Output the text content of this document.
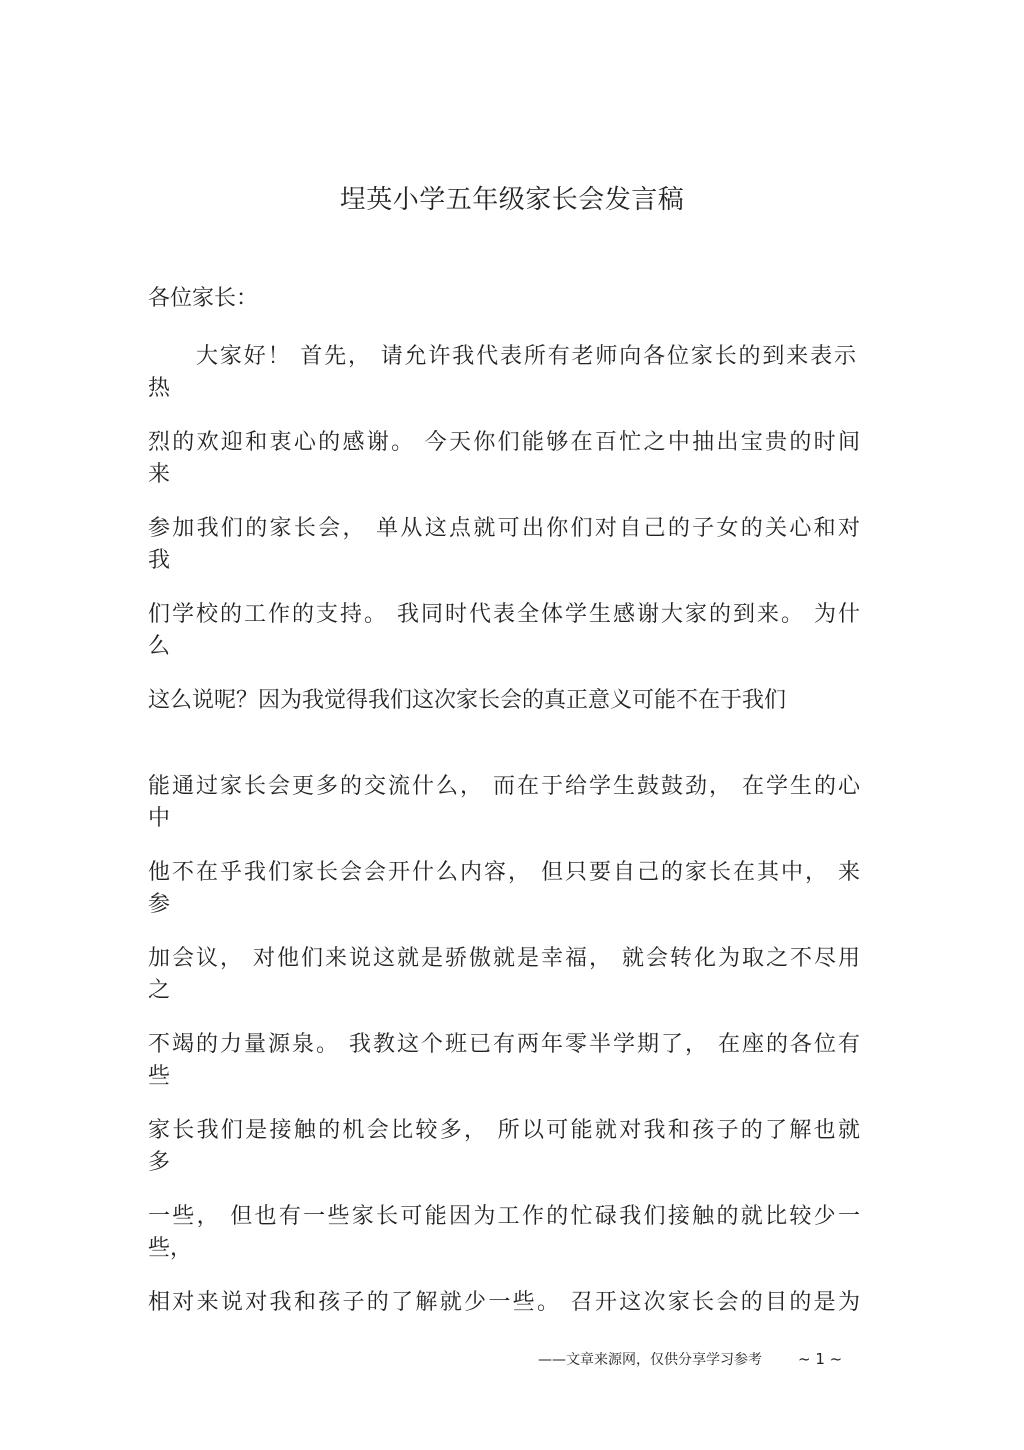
埕英小学五年级家长会发言稿
各位家长：
大家好！ 首先， 请允许我代表所有老师向各位家长的到来表示
热
烈的欢迎和衷心的感谢。 今天你们能够在百忙之中抽出宝贵的时间
来
参加我们的家长会， 单从这点就可出你们对自己的子女的关心和对
我
们学校的工作的支持。 我同时代表全体学生感谢大家的到来。 为什
么
这么说呢？因为我觉得我们这次家长会的真正意义可能不在于我们
能通过家长会更多的交流什么， 而在于给学生鼓鼓劲， 在学生的心
中
他不在乎我们家长会会开什么内容， 但只要自己的家长在其中， 来
参
加会议， 对他们来说这就是骄傲就是幸福， 就会转化为取之不尽用
之
不竭的力量源泉。 我教这个班已有两年零半学期了， 在座的各位有
些
家长我们是接触的机会比较多， 所以可能就对我和孩子的了解也就
多
一些， 但也有一些家长可能因为工作的忙碌我们接触的就比较少一
些，
相对来说对我和孩子的了解就少一些。 召开这次家长会的目的是为
——文章来源网，仅供分享学习参考 ~ 1 ~
